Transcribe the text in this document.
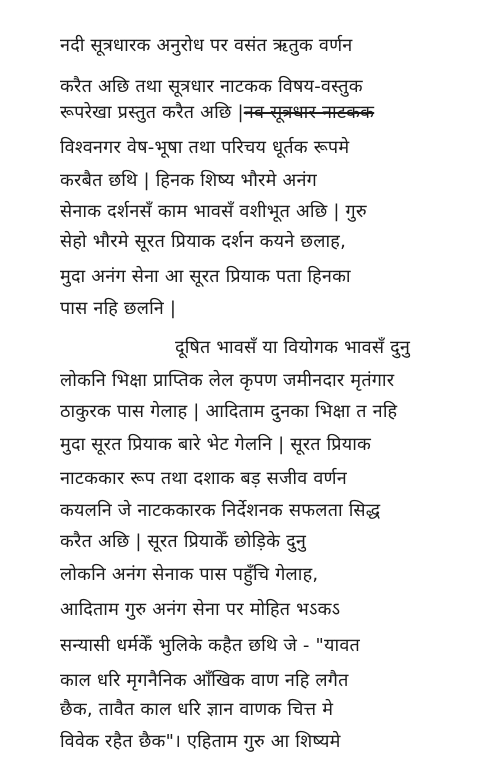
नदी सूत्रधारक अनुरोध पर वसंत ऋतुक वर्णन
करैत अछि तथा सूत्रधार नाटकक विषय-वस्तुक
रूपरेखा प्रस्तुत करैत अछि |नव सूत्रधार नाटकक
विश्वनगर वेष-भूषा तथा परिचय धूर्तक रूपमे
करबैत छथि | हिनक शिष्य भौरमे अनंग
सेनाक दर्शनसँ काम भावसँ वशीभूत अछि | गुरु
सेहो भौरमे सूरत प्रियाक दर्शन कयने छलाह,
मुदा अनंग सेना आ सूरत प्रियाक पता हिनका
पास नहि छलनि |
दूषित भावसँ या वियोगक भावसँ दुनु
लोकनि भिक्षा प्राप्तिक लेल कृपण जमीनदार मृतंगार
ठाकुरक पास गेलाह | आदिताम दुनका भिक्षा त नहि
मुदा सूरत प्रियाक बारे भेट गेलनि | सूरत प्रियाक
नाटककार रूप तथा दशाक बड़ सजीव वर्णन
कयलनि जे नाटककारक निर्देशनक सफलता सिद्ध
करैत अछि | सूरत प्रियाकेँ छोड़िके दुनु
लोकनि अनंग सेनाक पास पहुँचि गेलाह,
आदिताम गुरु अनंग सेना पर मोहित भऽकऽ
सन्यासी धर्मकेँ भुलिके कहैत छथि जे - "यावत
काल धरि मृगनैनिक आँखिक वाण नहि लगैत
छैक, तावैत काल धरि ज्ञान वाणक चित्त मे
विवेक रहैत छैक"। एहिताम गुरु आ शिष्यमे
